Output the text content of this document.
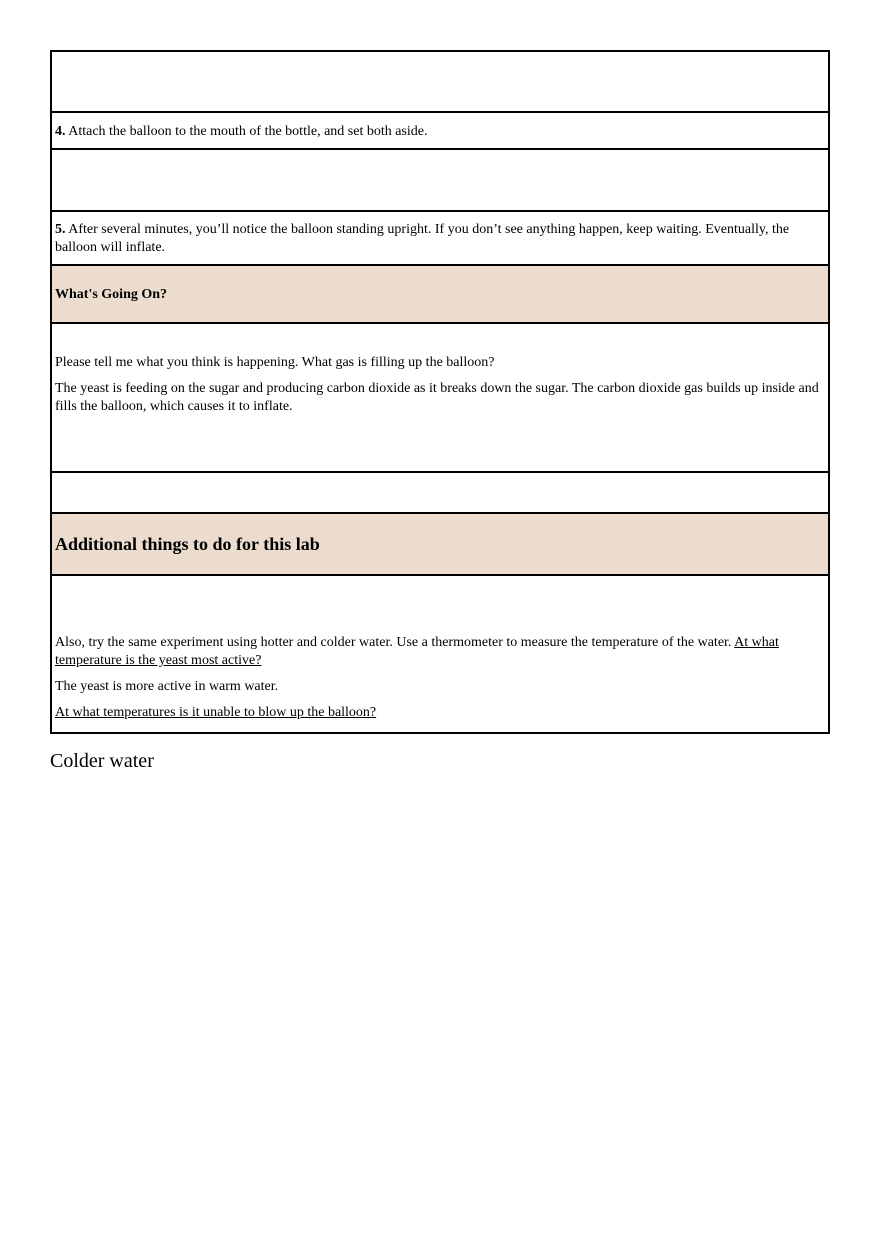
4. Attach the balloon to the mouth of the bottle, and set both aside.
5. After several minutes, you’ll notice the balloon standing upright. If you don’t see anything happen, keep waiting. Eventually, the balloon will inflate.
What's Going On?

Please tell me what you think is happening. What gas is filling up the balloon?

The yeast is feeding on the sugar and producing carbon dioxide as it breaks down the sugar. The carbon dioxide gas builds up inside and fills the balloon, which causes it to inflate.

Additional things to do for this lab

Also, try the same experiment using hotter and colder water. Use a thermometer to measure the temperature of the water. At what temperature is the yeast most active?

The yeast is more active in warm water.

At what temperatures is it unable to blow up the balloon?

Colder water
